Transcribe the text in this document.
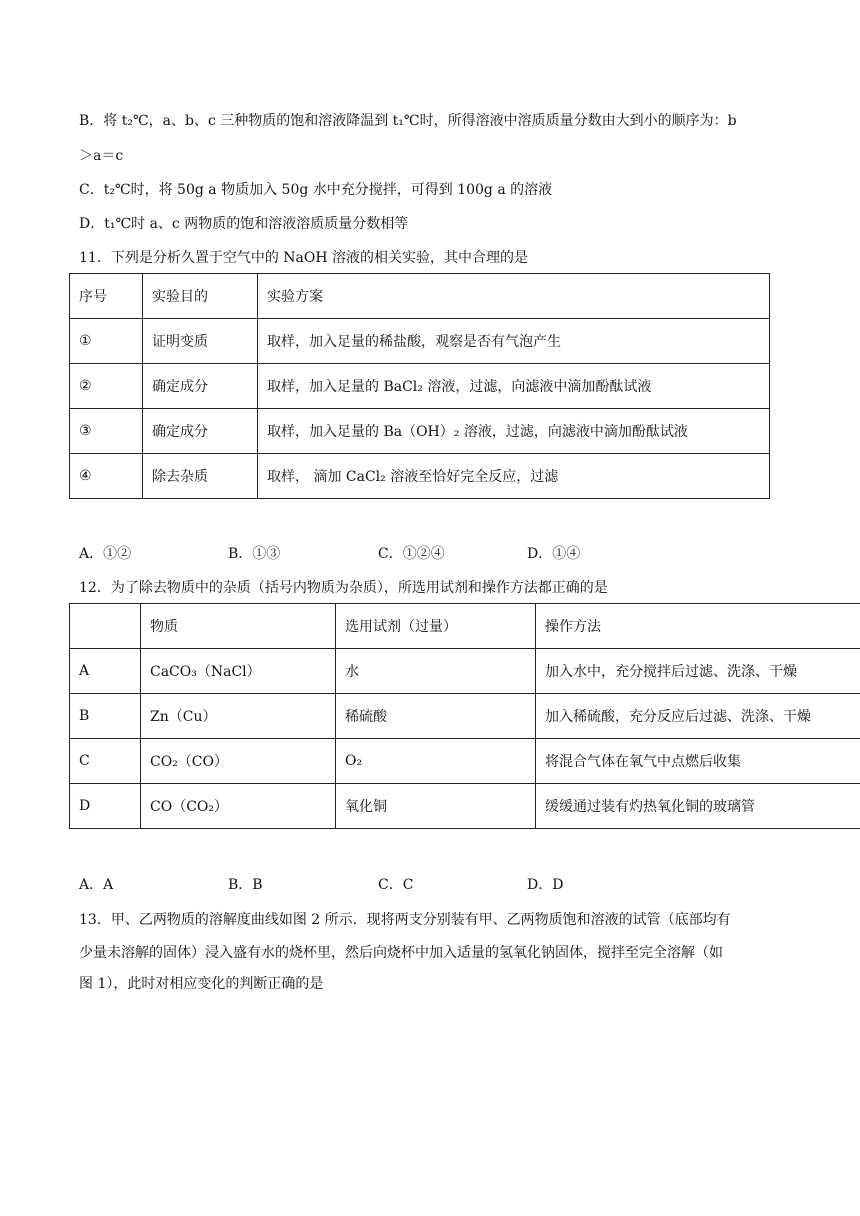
B．将 t₂℃，a、b、c 三种物质的饱和溶液降温到 t₁℃时，所得溶液中溶质质量分数由大到小的顺序为：b
＞a＝c
C．t₂℃时，将 50g a 物质加入 50g 水中充分搅拌，可得到 100g a 的溶液
D．t₁℃时 a、c 两物质的饱和溶液溶质质量分数相等
11．下列是分析久置于空气中的 NaOH 溶液的相关实验，其中合理的是
序号	实验目的	实验方案
①	证明变质	取样，加入足量的稀盐酸，观察是否有气泡产生
②	确定成分	取样，加入足量的 BaCl₂ 溶液，过滤，向滤液中滴加酚酞试液
③	确定成分	取样，加入足量的 Ba（OH）₂ 溶液，过滤，向滤液中滴加酚酞试液
④	除去杂质	取样， 滴加 CaCl₂ 溶液至恰好完全反应，过滤
A．①②	B．①③	C．①②④	D．①④
12．为了除去物质中的杂质（括号内物质为杂质），所选用试剂和操作方法都正确的是
	物质	选用试剂（过量）	操作方法
A	CaCO₃（NaCl）	水	加入水中，充分搅拌后过滤、洗涤、干燥
B	Zn（Cu）	稀硫酸	加入稀硫酸，充分反应后过滤、洗涤、干燥
C	CO₂（CO）	O₂	将混合气体在氧气中点燃后收集
D	CO（CO₂）	氧化铜	缓缓通过装有灼热氧化铜的玻璃管
A．A	B．B	C．C	D．D
13．甲、乙两物质的溶解度曲线如图 2 所示．现将两支分别装有甲、乙两物质饱和溶液的试管（底部均有
少量未溶解的固体）浸入盛有水的烧杯里，然后向烧杯中加入适量的氢氧化钠固体，搅拌至完全溶解（如
图 1），此时对相应变化的判断正确的是
